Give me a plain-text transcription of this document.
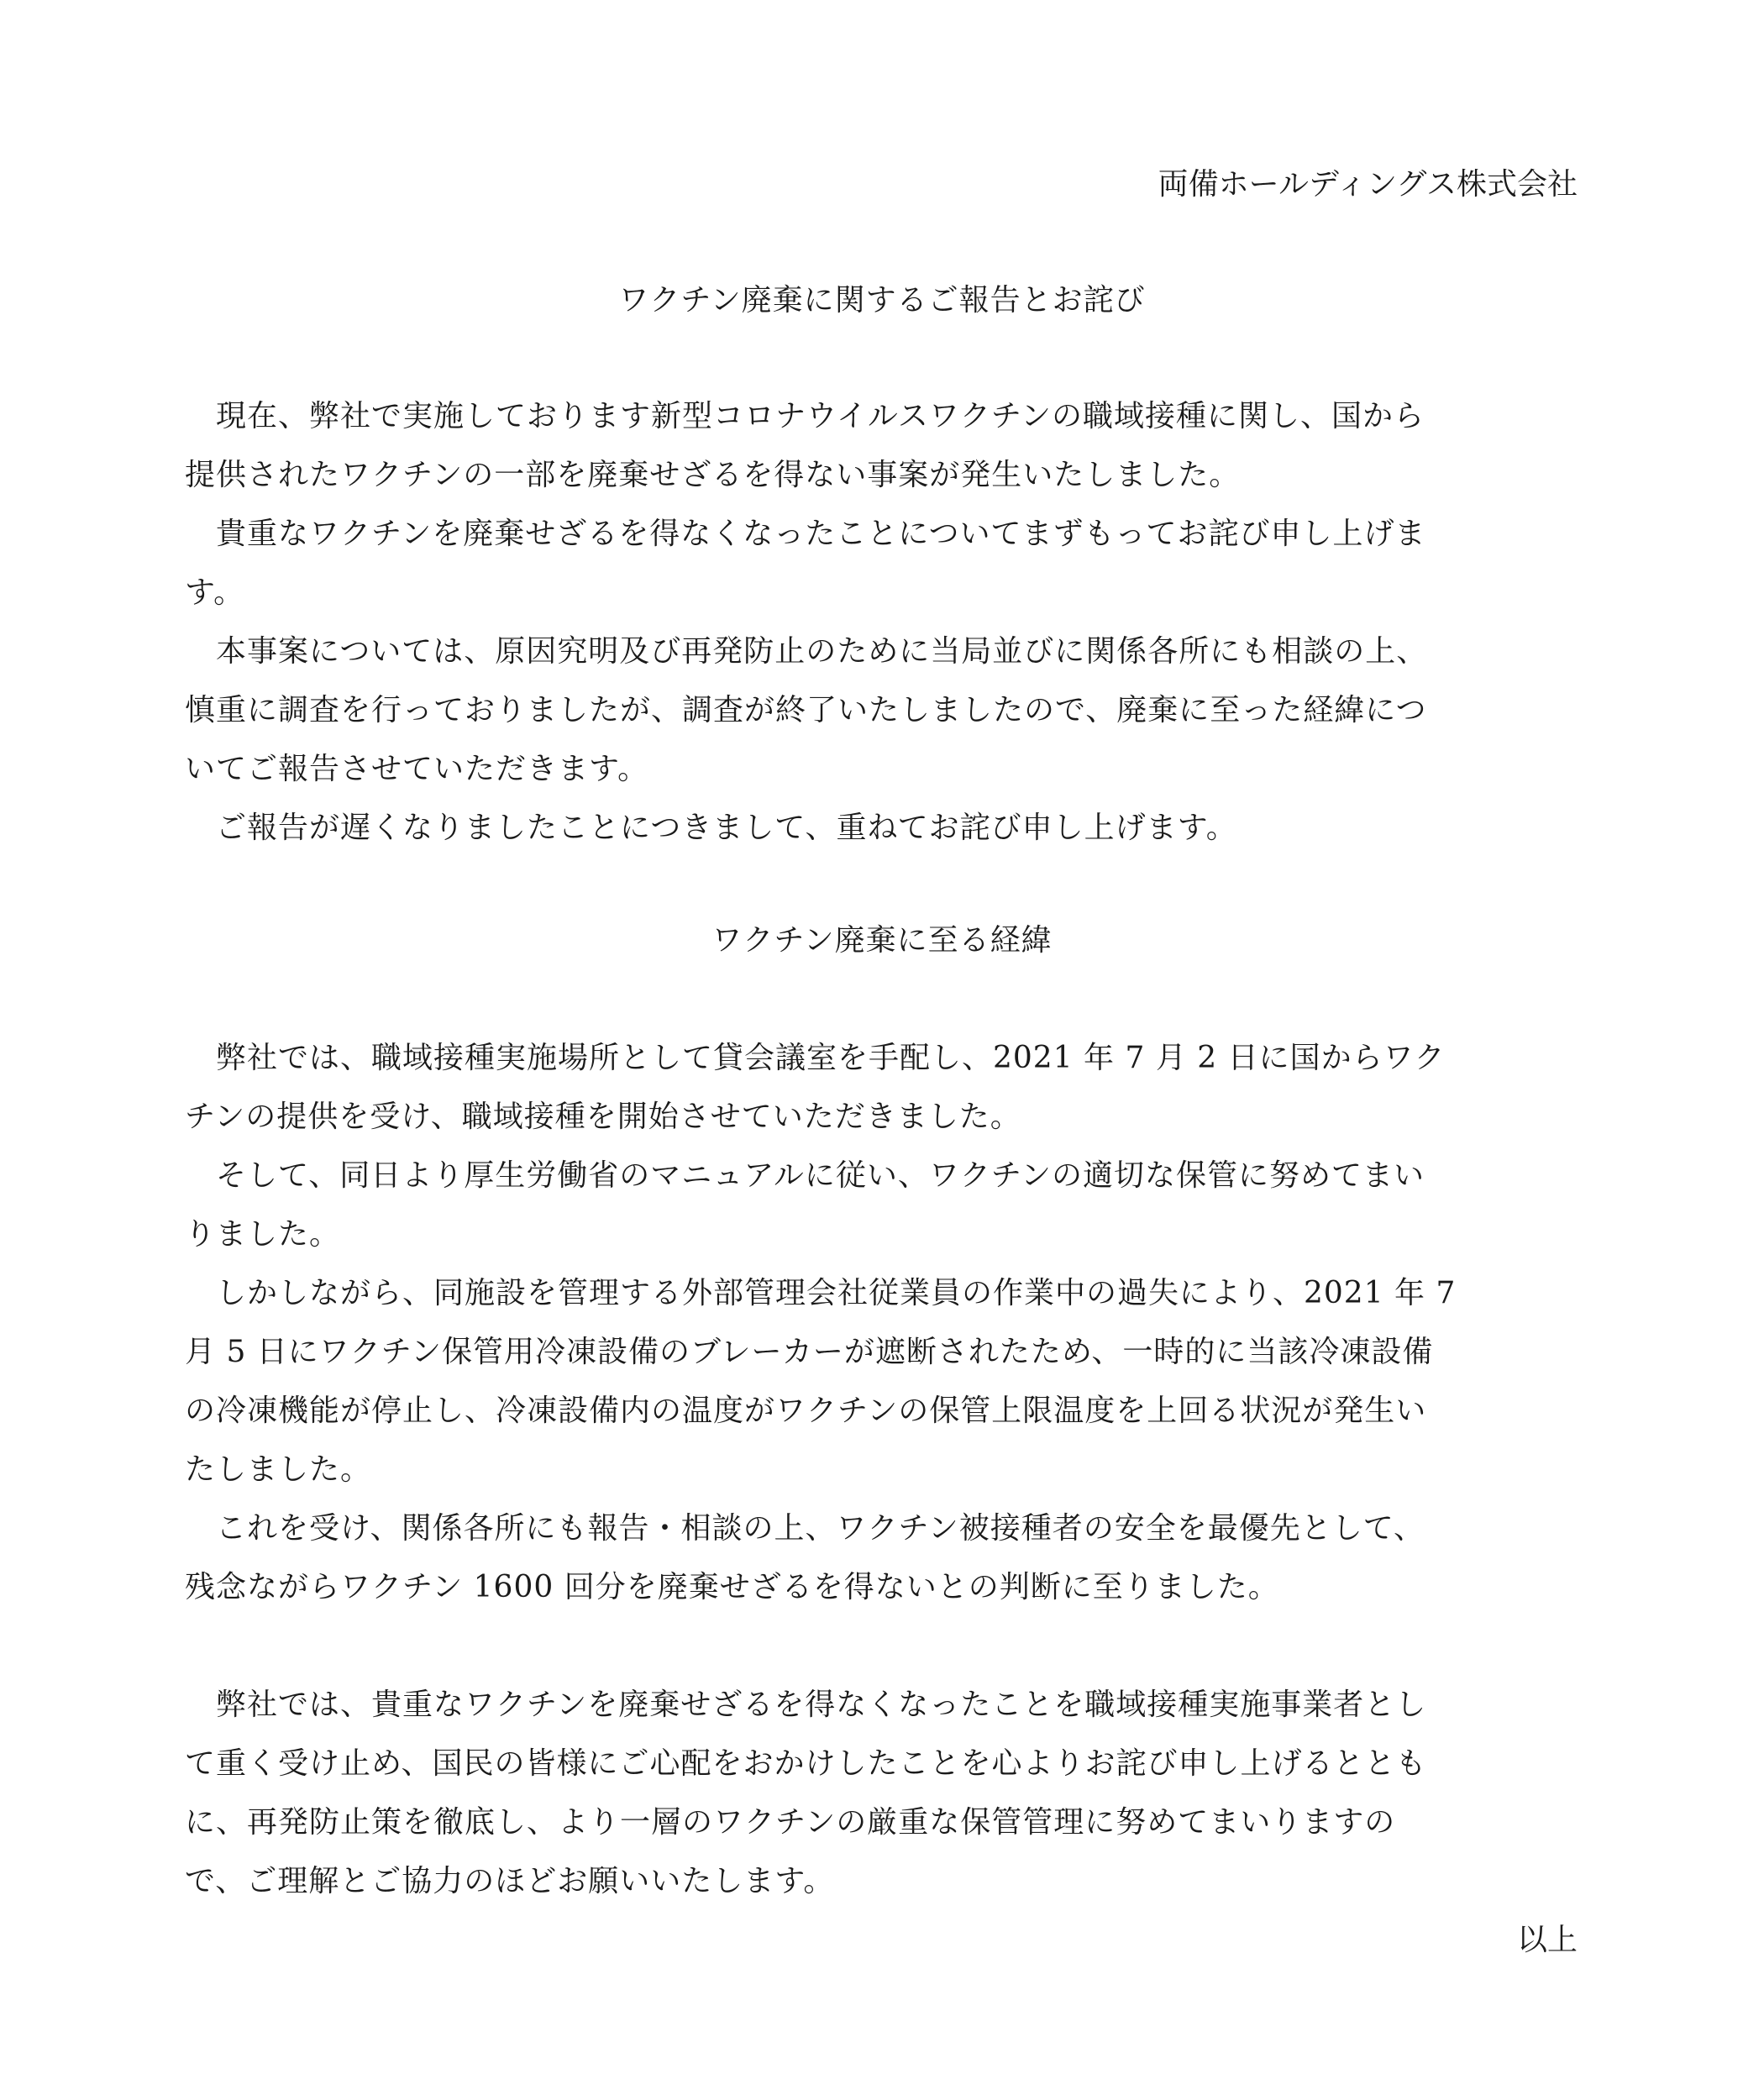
両備ホールディングス株式会社
ワクチン廃棄に関するご報告とお詫び
　現在、弊社で実施しております新型コロナウイルスワクチンの職域接種に関し、国から
提供されたワクチンの一部を廃棄せざるを得ない事案が発生いたしました。
　貴重なワクチンを廃棄せざるを得なくなったことについてまずもってお詫び申し上げま
す。
　本事案については、原因究明及び再発防止のために当局並びに関係各所にも相談の上、
慎重に調査を行っておりましたが、調査が終了いたしましたので、廃棄に至った経緯につ
いてご報告させていただきます。
　ご報告が遅くなりましたことにつきまして、重ねてお詫び申し上げます。
ワクチン廃棄に至る経緯
　弊社では、職域接種実施場所として貸会議室を手配し、2021 年 7 月 2 日に国からワク
チンの提供を受け、職域接種を開始させていただきました。
　そして、同日より厚生労働省のマニュアルに従い、ワクチンの適切な保管に努めてまい
りました。
　しかしながら、同施設を管理する外部管理会社従業員の作業中の過失により、2021 年 7
月 5 日にワクチン保管用冷凍設備のブレーカーが遮断されたため、一時的に当該冷凍設備
の冷凍機能が停止し、冷凍設備内の温度がワクチンの保管上限温度を上回る状況が発生い
たしました。
　これを受け、関係各所にも報告・相談の上、ワクチン被接種者の安全を最優先として、
残念ながらワクチン 1600 回分を廃棄せざるを得ないとの判断に至りました。
　弊社では、貴重なワクチンを廃棄せざるを得なくなったことを職域接種実施事業者とし
て重く受け止め、国民の皆様にご心配をおかけしたことを心よりお詫び申し上げるととも
に、再発防止策を徹底し、より一層のワクチンの厳重な保管管理に努めてまいりますの
で、ご理解とご協力のほどお願いいたします。
以上
